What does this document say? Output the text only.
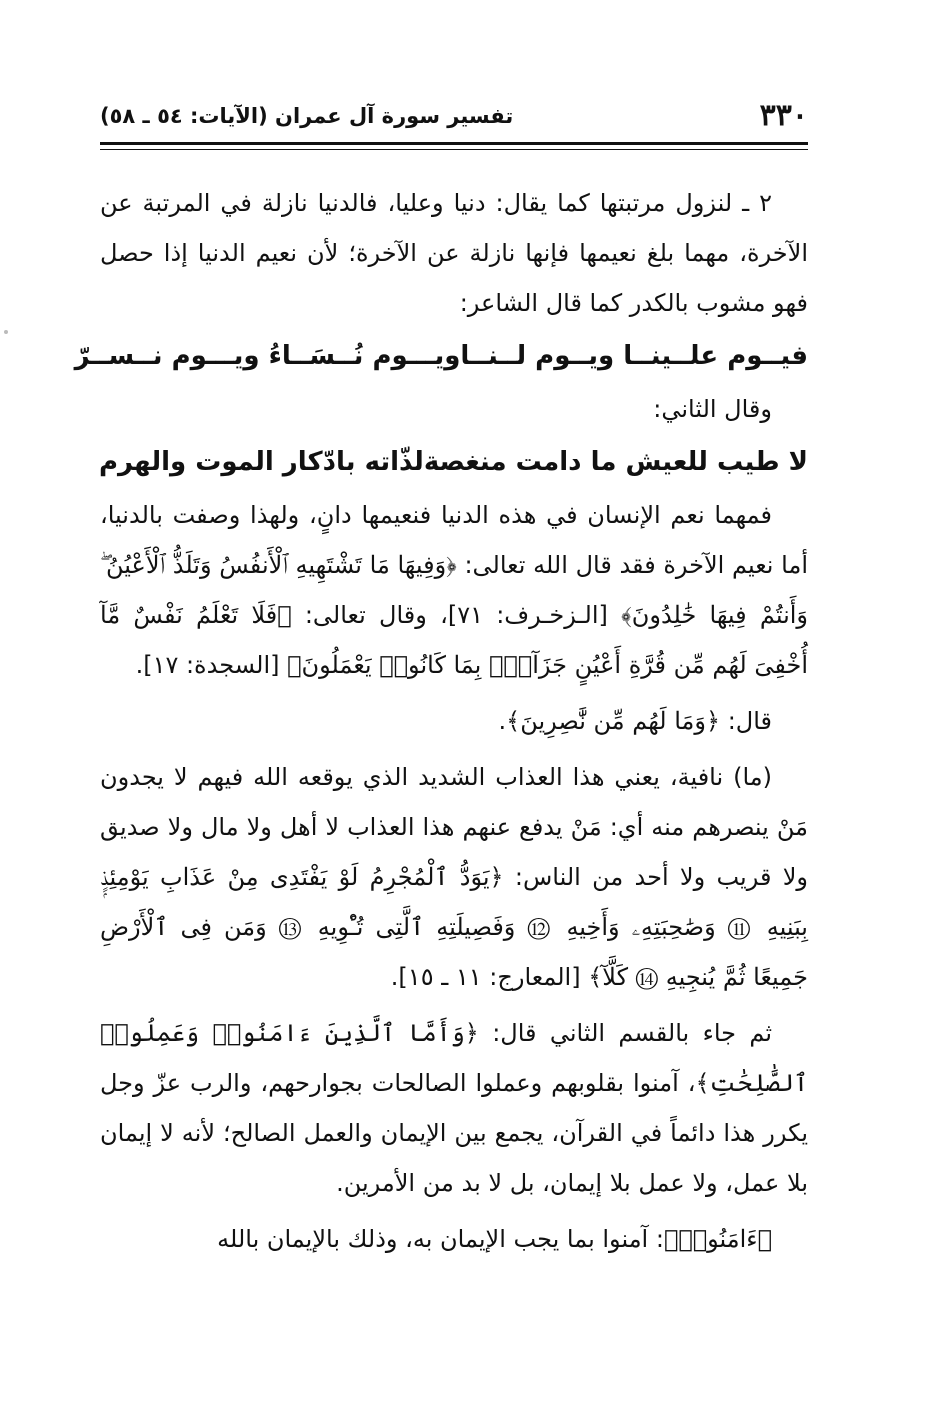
٣٣٠
تفسير سورة آل عمران (الآيات: ٥٤ ـ ٥٨)

٢ ـ لنزول مرتبتها كما يقال: دنيا وعليا، فالدنيا نازلة في المرتبة عن الآخرة، مهما بلغ نعيمها فإنها نازلة عن الآخرة؛ لأن نعيم الدنيا إذا حصل فهو مشوب بالكدر كما قال الشاعر:

فيــوم علــينــا ويــوم لــنــا
ويـــوم نُــسَــاءُ ويـــوم نــســرّ

وقال الثاني:

لا طيب للعيش ما دامت منغصة
لذّاته بادّكار الموت والهرم

فمهما نعم الإنسان في هذه الدنيا فنعيمها دانٍ، ولهذا وصفت بالدنيا، أما نعيم الآخرة فقد قال الله تعالى: ﴿وَفِيهَا مَا تَشْتَهِيهِ ٱلْأَنفُسُ وَتَلَذُّ ٱلْأَعْيُنُ ۖ وَأَنتُمْ فِيهَا خَٰلِدُونَ﴾ [الـزخـرف: ٧١]، وقال تعالى: ﴿فَلَا تَعْلَمُ نَفْسٌ مَّآ أُخْفِىَ لَهُم مِّن قُرَّةِ أَعْيُنٍ جَزَآءًۢ بِمَا كَانُوا۟ يَعْمَلُونَ﴾ [السجدة: ١٧].

قال: ﴿وَمَا لَهُم مِّن نَّٰصِرِينَ﴾.

(ما) نافية، يعني هذا العذاب الشديد الذي يوقعه الله فيهم لا يجدون مَنْ ينصرهم منه أي: مَنْ يدفع عنهم هذا العذاب لا أهل ولا مال ولا صديق ولا قريب ولا أحد من الناس: ﴿يَوَدُّ ٱلْمُجْرِمُ لَوْ يَفْتَدِى مِنْ عَذَابِ يَوْمِئِذٍۭ بِبَنِيهِ ⑪ وَصَٰحِبَتِهِۦ وَأَخِيهِ ⑫ وَفَصِيلَتِهِ ٱلَّتِى تُـْٔوِيهِ ⑬ وَمَن فِى ٱلْأَرْضِ جَمِيعًا ثُمَّ يُنجِيهِ ⑭ كَلَّآ﴾ [المعارج: ١١ ـ ١٥].

ثم جاء بالقسم الثاني قال: ﴿وَأَمَّا ٱلَّذِينَ ءَامَنُوا۟ وَعَمِلُوا۟ ٱلصَّٰلِحَٰتِ﴾، آمنوا بقلوبهم وعملوا الصالحات بجوارحهم، والرب عزّ وجل يكرر هذا دائماً في القرآن، يجمع بين الإيمان والعمل الصالح؛ لأنه لا إيمان بلا عمل، ولا عمل بلا إيمان، بل لا بد من الأمرين.

﴿ءَامَنُوا۟﴾: آمنوا بما يجب الإيمان به، وذلك بالإيمان بالله
